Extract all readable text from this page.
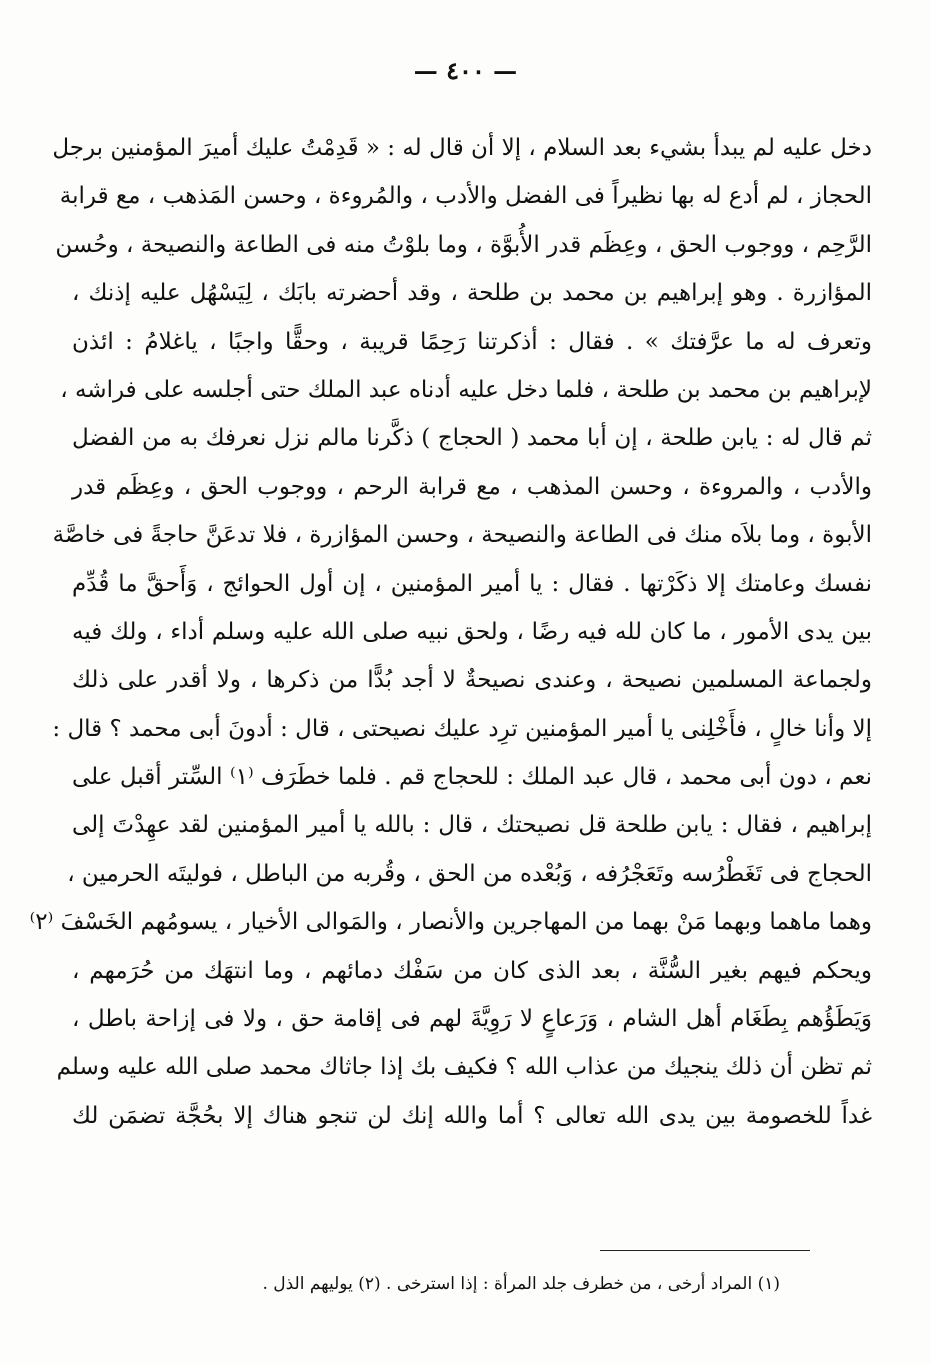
— ٤٠٠ —
دخل عليه لم يبدأ بشيء بعد السلام ، إلا أن قال له : « قَدِمْتُ عليك أميرَ المؤمنين برجل
الحجاز ، لم أدع له بها نظيراً فى الفضل والأدب ، والمُروءة ، وحسن المَذهب ، مع قرابة
الرَّحِم ، ووجوب الحق ، وعِظَم قدر الأُبوَّة ، وما بلوْتُ منه فى الطاعة والنصيحة ، وحُسن
المؤازرة . وهو إبراهيم بن محمد بن طلحة ، وقد أحضرته بابَك ، لِيَسْهُل عليه إذنك ،
وتعرف له ما عرَّفتك » . فقال : أذكرتنا رَحِمًا قريبة ، وحقًّا واجبًا ، ياغلامُ : ائذن
لإبراهيم بن محمد بن طلحة ، فلما دخل عليه أدناه عبد الملك حتى أجلسه على فراشه ،
ثم قال له : يابن طلحة ، إن أبا محمد ( الحجاج ) ذكَّرنا مالم نزل نعرفك به من الفضل
والأدب ، والمروءة ، وحسن المذهب ، مع قرابة الرحم ، ووجوب الحق ، وعِظَم قدر
الأبوة ، وما بلاَه منك فى الطاعة والنصيحة ، وحسن المؤازرة ، فلا تدعَنَّ حاجةً فى خاصَّة
نفسك وعامتك إلا ذكَرْتها . فقال : يا أمير المؤمنين ، إن أول الحوائج ، وَأَحقَّ ما قُدِّم
بين يدى الأمور ، ما كان لله فيه رضًا ، ولحق نبيه صلى الله عليه وسلم أداء ، ولك فيه
ولجماعة المسلمين نصيحة ، وعندى نصيحةٌ لا أجد بُدًّا من ذكرها ، ولا أقدر على ذلك
إلا وأنا خالٍ ، فأَخْلِنى يا أمير المؤمنين ترِد عليك نصيحتى ، قال : أدونَ أبى محمد ؟ قال :
نعم ، دون أبى محمد ، قال عبد الملك : للحجاج قم . فلما خطَرَف ⁽١⁾ السِّتر أقبل على
إبراهيم ، فقال : يابن طلحة قل نصيحتك ، قال : بالله يا أمير المؤمنين لقد عهِدْتَ إلى
الحجاج فى تَغَطْرُسه وتَعَجْرُفه ، وَبُعْده من الحق ، وقُربه من الباطل ، فوليتَه الحرمين ،
وهما ماهما وبهما مَنْ بهما من المهاجرين والأنصار ، والمَوالى الأخيار ، يسومُهم الخَسْفَ ⁽٢⁾
ويحكم فيهم بغير السُّنَّة ، بعد الذى كان من سَفْك دمائهم ، وما انتهَك من حُرَمهم ،
وَيَطَؤُهم بِطَغَام أهل الشام ، وَرَعاعٍ لا رَوِيَّةَ لهم فى إقامة حق ، ولا فى إزاحة باطل ،
ثم تظن أن ذلك ينجيك من عذاب الله ؟ فكيف بك إذا جاثاك محمد صلى الله عليه وسلم
غداً للخصومة بين يدى الله تعالى ؟ أما والله إنك لن تنجو هناك إلا بحُجَّة تضمَن لك
(١) المراد أرخى ، من خطرف جلد المرأة : إذا استرخى . (٢) يوليهم الذل .
